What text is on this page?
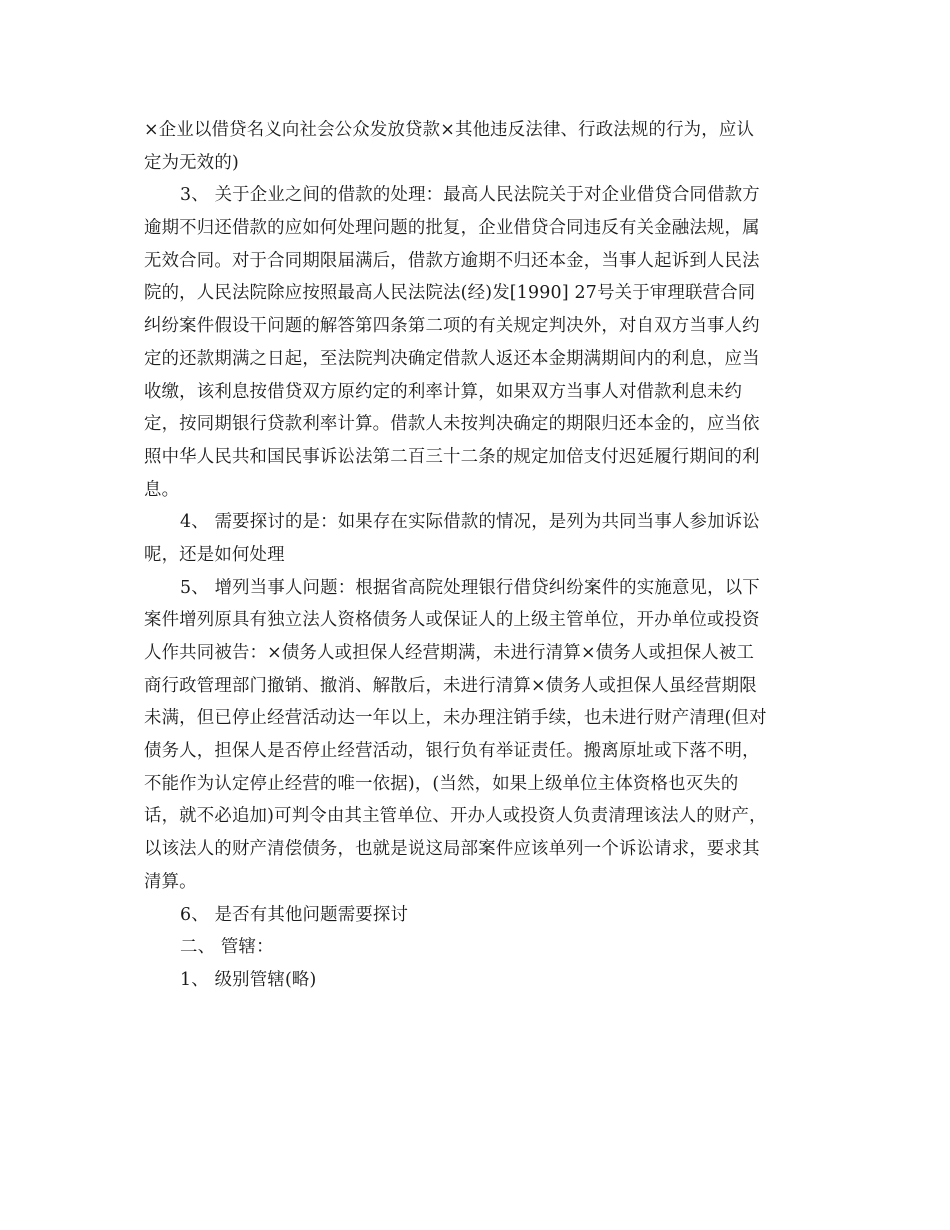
×企业以借贷名义向社会公众发放贷款×其他违反法律、行政法规的行为，应认
定为无效的)
3、 关于企业之间的借款的处理：最高人民法院关于对企业借贷合同借款方
逾期不归还借款的应如何处理问题的批复，企业借贷合同违反有关金融法规，属
无效合同。对于合同期限届满后，借款方逾期不归还本金，当事人起诉到人民法
院的，人民法院除应按照最高人民法院法(经)发[1990] 27号关于审理联营合同
纠纷案件假设干问题的解答第四条第二项的有关规定判决外，对自双方当事人约
定的还款期满之日起，至法院判决确定借款人返还本金期满期间内的利息，应当
收缴，该利息按借贷双方原约定的利率计算，如果双方当事人对借款利息未约
定，按同期银行贷款利率计算。借款人未按判决确定的期限归还本金的，应当依
照中华人民共和国民事诉讼法第二百三十二条的规定加倍支付迟延履行期间的利
息。
4、 需要探讨的是：如果存在实际借款的情况，是列为共同当事人参加诉讼
呢，还是如何处理
5、 增列当事人问题：根据省高院处理银行借贷纠纷案件的实施意见，以下
案件增列原具有独立法人资格债务人或保证人的上级主管单位，开办单位或投资
人作共同被告：×债务人或担保人经营期满，未进行清算×债务人或担保人被工
商行政管理部门撤销、撤消、解散后，未进行清算×债务人或担保人虽经营期限
未满，但已停止经营活动达一年以上，未办理注销手续，也未进行财产清理(但对
债务人，担保人是否停止经营活动，银行负有举证责任。搬离原址或下落不明，
不能作为认定停止经营的唯一依据)，(当然，如果上级单位主体资格也灭失的
话，就不必追加)可判令由其主管单位、开办人或投资人负责清理该法人的财产，
以该法人的财产清偿债务，也就是说这局部案件应该单列一个诉讼请求，要求其
清算。
6、 是否有其他问题需要探讨
二、 管辖：
1、 级别管辖(略)
